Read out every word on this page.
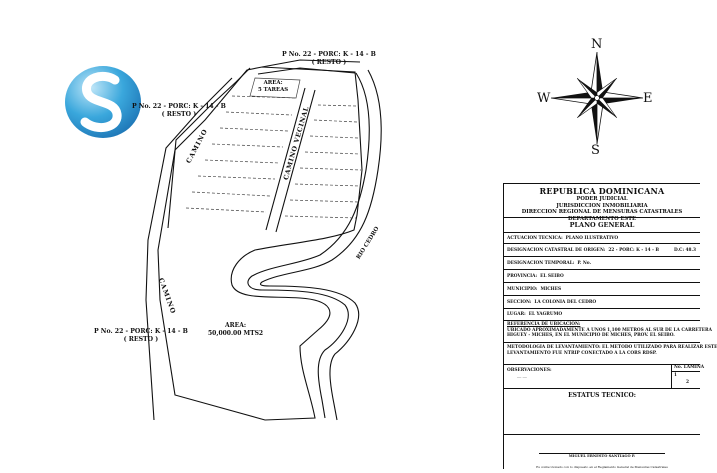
P No. 22 - PORC: K - 14 - B
( RESTO )
P No. 22 - PORC: K - 14 - B
( RESTO )
P No. 22 - PORC: K - 14 - B
( RESTO )
AREA:
5 TAREAS
CAMINO
CAMINO
CAMINO VECINAL
RIO CEDRO
AREA:
50,000.00 MTS2
N
S
E
W
REPUBLICA DOMINICANA
PODER JUDICIAL
JURISDICCION INMOBILIARIA
DIRECCION REGIONAL DE MENSURAS CATASTRALES
DEPARTAMENTO ESTE
PLANO GENERAL
ACTUACION TECNICA: PLANO ILUSTRATIVO
DESIGNACION CATASTRAL DE ORIGEN: 22 - PORC: K - 14 - B	D.C: 48.3
DESIGNACION TEMPORAL: P. No.
PROVINCIA: EL SEIBO
MUNICIPIO: MICHES
SECCION: LA COLONIA DEL CEDRO
LUGAR: EL YAGRUMO
REFERENCIA DE UBICACION:
UBICADO APROXIMADAMENTE A UNOS 1,100 METROS AL SUR DE LA CARRETERA
HIGUEY - MICHES, EN EL MUNICIPIO DE MICHES, PROV. EL SEIBO.
METODOLOGIA DE LEVANTAMIENTO: EL METODO UTILIZADO PARA REALIZAR ESTE
LEVANTAMIENTO FUE NTRIP CONECTADO A LA CORS RDSP.
OBSERVACIONES:
__ __
No. LAMINA
1
2
ESTATUS TECNICO:
MIGUEL ERNESTO SANTIAGO P.
Es confeccionado con lo dispuesto en el Reglamento General de Mensuras Catastrales
